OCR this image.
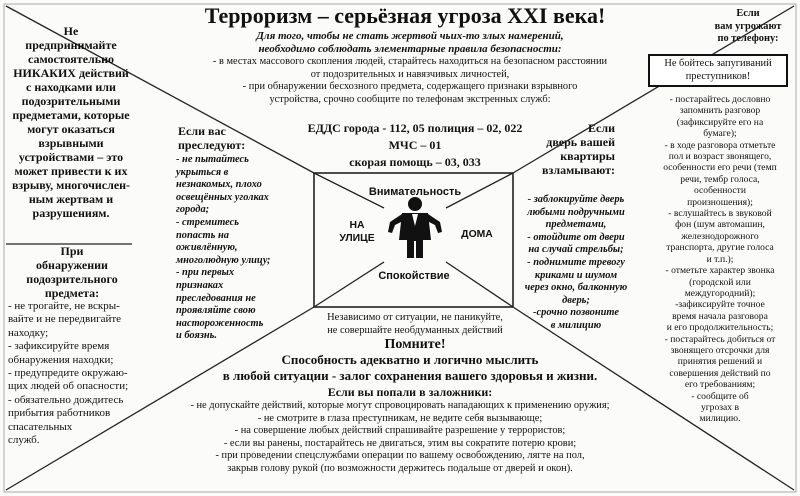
Терроризм – серьёзная угроза XXI века!
Для того, чтобы не стать жертвой чьих-то злых намерений,
необходимо соблюдать элементарные правила безопасности:
- в местах массового скопления людей, старайтесь находиться на безопасном расстоянии
от подозрительных и навязчивых личностей,
- при обнаружении бесхозного предмета, содержащего признаки взрывного
устройства, срочно сообщите по телефонам экстренных служб:
ЕДДС города - 112, 05 полиция – 02, 022
МЧС – 01
скорая помощь – 03, 033
Не
предпринимайте
самостоятельно
НИКАКИХ действий
с находками или
подозрительными
предметами, которые
могут оказаться
взрывными
устройствами – это
может привести к их
взрыву, многочислен-
ным жертвам и
разрушениям.
При
обнаружении
подозрительного
предмета:
- не трогайте, не вскры-
вайте и не передвигайте
находку;
- зафиксируйте время
обнаружения находки;
- предупредите окружаю-
щих людей об опасности;
- обязательно дождитесь
прибытия работников
спасательных
служб.
Если вас
преследуют:
- не пытайтесь
укрыться в
незнакомых, плохо
освещённых уголках
города;
- стремитесь
попасть на
оживлённую,
многолюдную улицу;
- при первых
признаках
преследования не
проявляйте свою
настороженность
и боязнь.
Внимательность
НА
УЛИЦЕ	ДОМА
Спокойствие
Независимо от ситуации, не паникуйте,
не совершайте необдуманных действий
Помните!
Способность адекватно и логично мыслить
в любой ситуации - залог сохранения вашего здоровья и жизни.
Если
дверь вашей
квартиры
взламывают:
- заблокируйте дверь
любыми подручными
предметами,
- отойдите от двери
на случай стрельбы;
- поднимите тревогу
криками и шумом
через окно, балконную
дверь;
-срочно позвоните
в милицию
Если
вам угрожают
по телефону:
Не бойтесь запугиваний
преступников!
- постарайтесь дословно
запомнить разговор
(зафиксируйте его на
бумаге);
- в ходе разговора отметьте
пол и возраст звонящего,
особенности его речи (темп
речи, тембр голоса,
особенности
произношения);
- вслушайтесь в звуковой
фон (шум автомашин,
железнодорожного
транспорта, другие голоса
и т.п.);
- отметьте характер звонка
(городской или
междугородний);
-зафиксируйте точное
время начала разговора
и его продолжительность;
- постарайтесь добиться от
звонящего отсрочки для
принятия решений и
совершения действий по
его требованиям;
- сообщите об
угрозах в
милицию.
Если вы попали в заложники:
- не допускайте действий, которые могут спровоцировать нападающих к применению оружия;
- не смотрите в глаза преступникам, не ведите себя вызывающе;
- на совершение любых действий спрашивайте разрешение у террористов;
- если вы ранены, постарайтесь не двигаться, этим вы сократите потерю крови;
- при проведении спецслужбами операции по вашему освобождению, лягте на пол,
закрыв голову рукой (по возможности держитесь подальше от дверей и окон).
